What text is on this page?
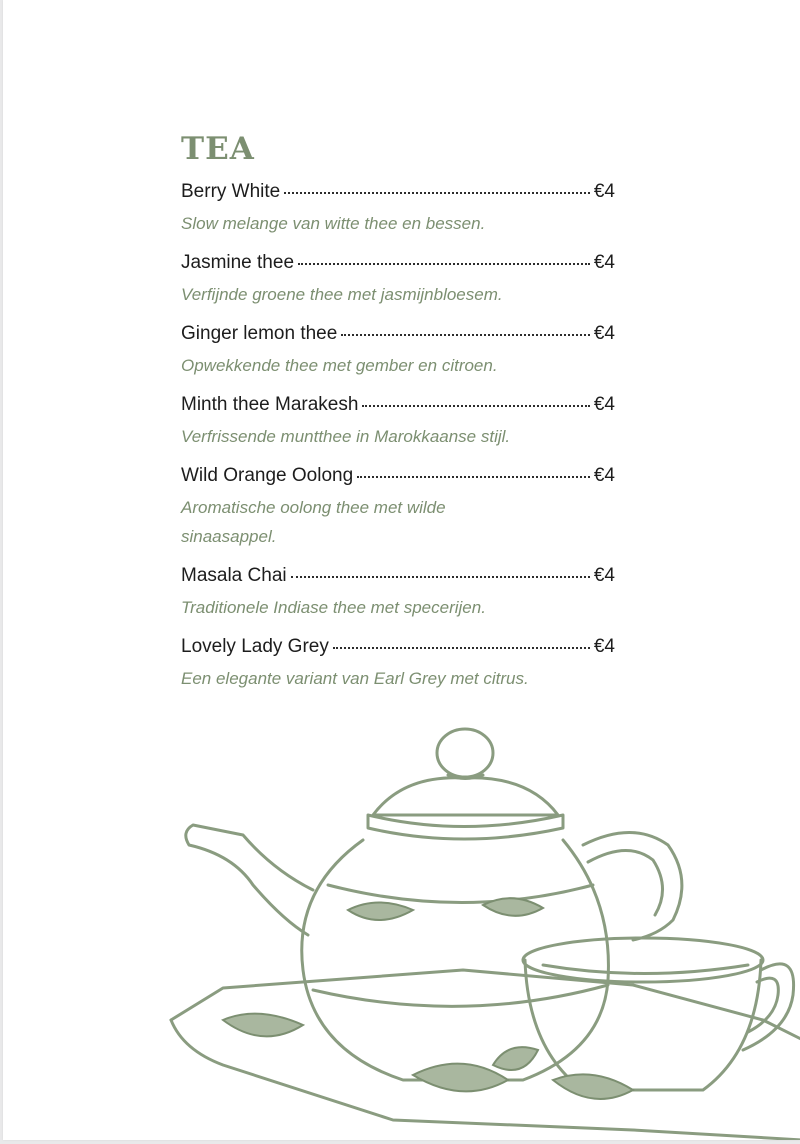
TEA
Berry White	€4
Slow melange van witte thee en bessen.
Jasmine thee	€4
Verfijnde groene thee met jasmijnbloesem.
Ginger lemon thee	€4
Opwekkende thee met gember en citroen.
Minth thee Marakesh	€4
Verfrissende muntthee in Marokkaanse stijl.
Wild Orange Oolong	€4
Aromatische oolong thee met wilde sinaasappel.
Masala Chai	€4
Traditionele Indiase thee met specerijen.
Lovely Lady Grey	€4
Een elegante variant van Earl Grey met citrus.
